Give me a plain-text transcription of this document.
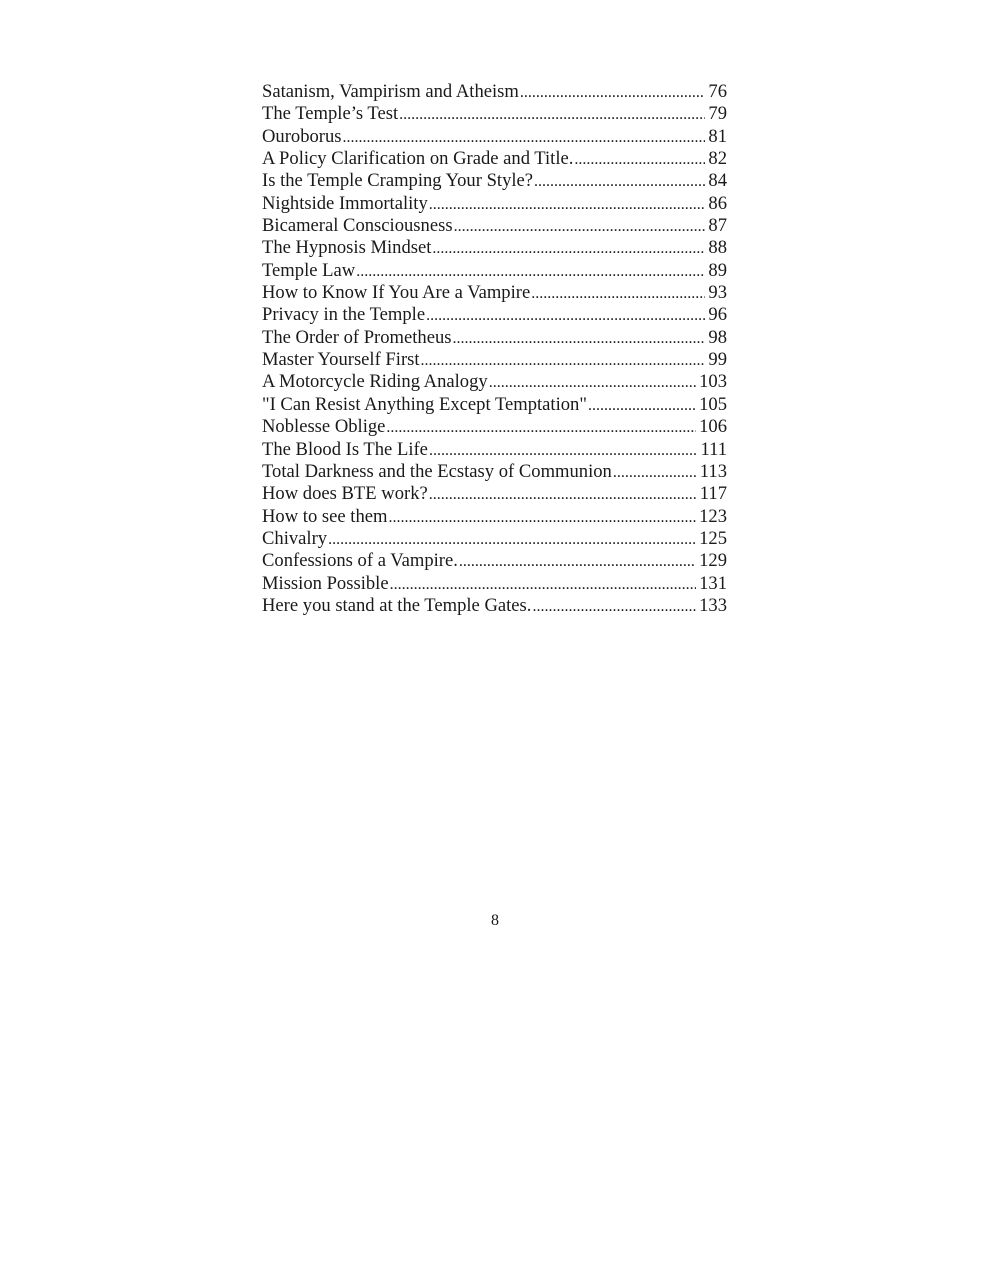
Satanism, Vampirism and Atheism .....	76
The Temple’s Test .....	79
Ouroborus .....	81
A Policy Clarification on Grade and Title. .....	82
Is the Temple Cramping Your Style? .....	84
Nightside Immortality .....	86
Bicameral Consciousness .....	87
The Hypnosis Mindset .....	88
Temple Law .....	89
How to Know If You Are a Vampire .....	93
Privacy in the Temple .....	96
The Order of Prometheus .....	98
Master Yourself First .....	99
A Motorcycle Riding Analogy .....	103
"I Can Resist Anything Except Temptation" .....	105
Noblesse Oblige .....	106
The Blood Is The Life .....	111
Total Darkness and the Ecstasy of Communion .....	113
How does BTE work? .....	117
How to see them .....	123
Chivalry .....	125
Confessions of a Vampire. .....	129
Mission Possible .....	131
Here you stand at the Temple Gates. .....	133
8
